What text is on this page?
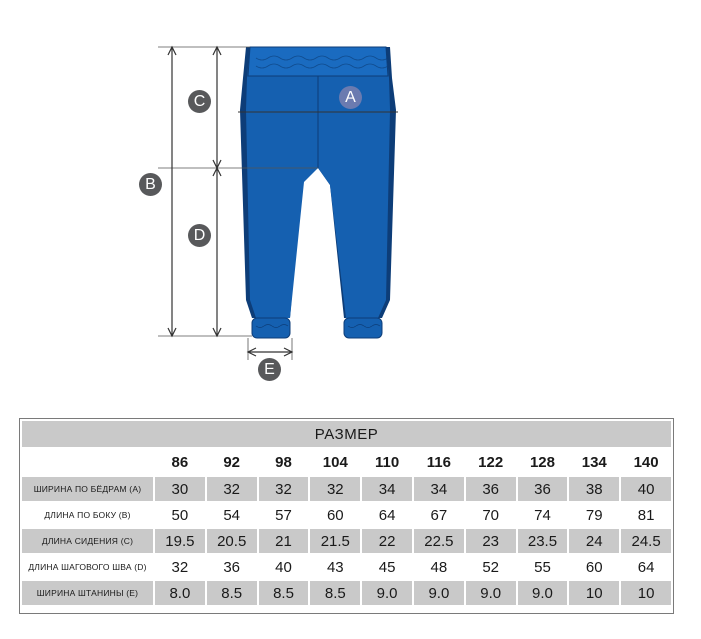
A
B
C
D
E
РАЗМЕР										
	86	92	98	104	110	116	122	128	134	140
ШИРИНА ПО БЁДРАМ (A)	30	32	32	32	34	34	36	36	38	40
ДЛИНА ПО БОКУ (B)	50	54	57	60	64	67	70	74	79	81
ДЛИНА СИДЕНИЯ (C)	19.5	20.5	21	21.5	22	22.5	23	23.5	24	24.5
ДЛИНА ШАГОВОГО ШВА (D)	32	36	40	43	45	48	52	55	60	64
ШИРИНА ШТАНИНЫ (E)	8.0	8.5	8.5	8.5	9.0	9.0	9.0	9.0	10	10
